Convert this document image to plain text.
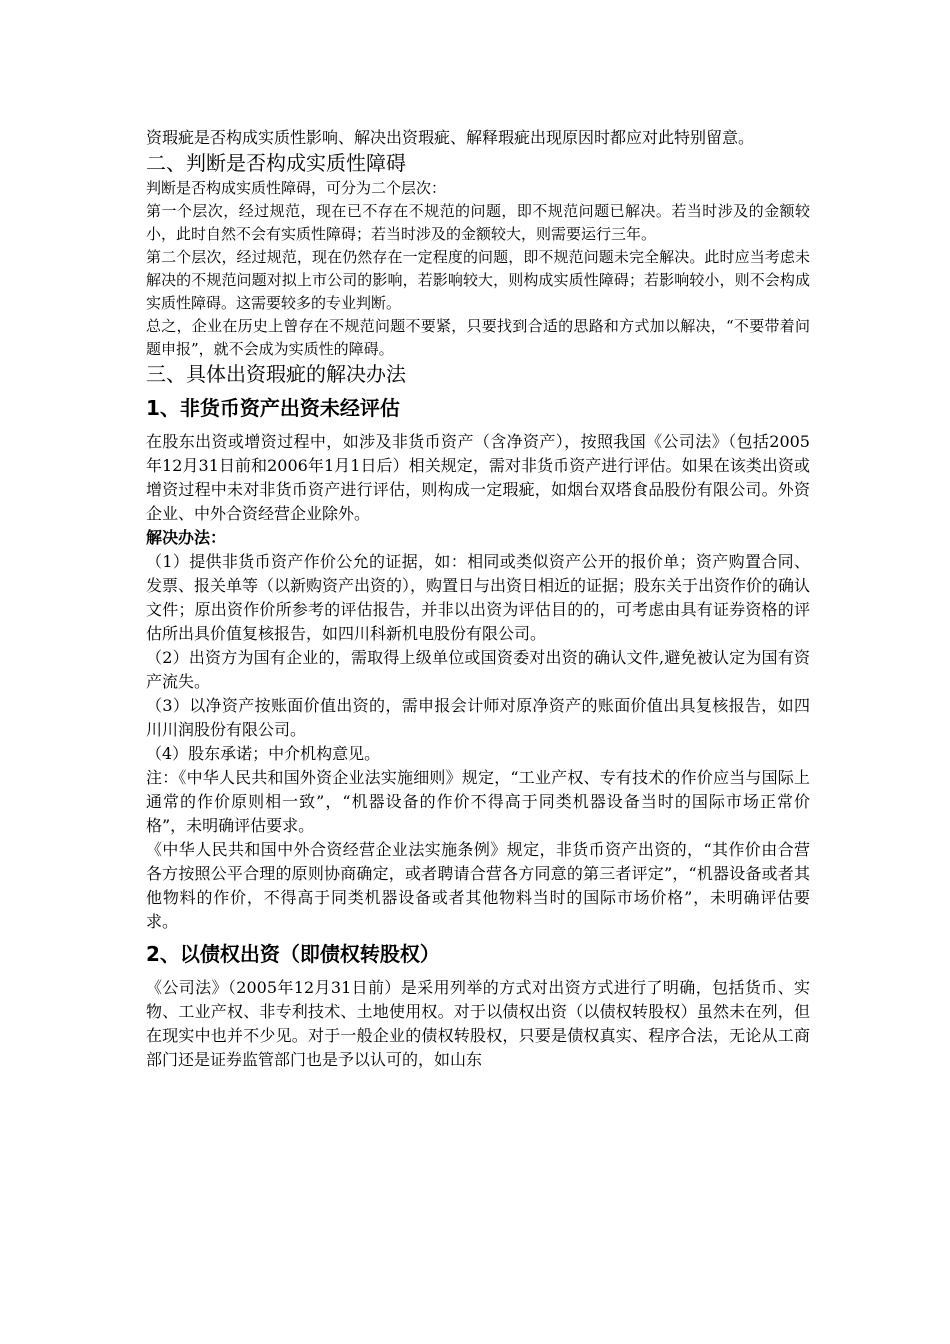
资瑕疵是否构成实质性影响、解决出资瑕疵、解释瑕疵出现原因时都应对此特别留意。

二、判断是否构成实质性障碍

判断是否构成实质性障碍，可分为二个层次：

第一个层次，经过规范，现在已不存在不规范的问题，即不规范问题已解决。若当时涉及的金额较小，此时自然不会有实质性障碍；若当时涉及的金额较大，则需要运行三年。

第二个层次，经过规范，现在仍然存在一定程度的问题，即不规范问题未完全解决。此时应当考虑未解决的不规范问题对拟上市公司的影响，若影响较大，则构成实质性障碍；若影响较小，则不会构成实质性障碍。这需要较多的专业判断。

总之，企业在历史上曾存在不规范问题不要紧，只要找到合适的思路和方式加以解决，“不要带着问题申报”，就不会成为实质性的障碍。

三、具体出资瑕疵的解决办法
1、非货币资产出资未经评估

在股东出资或增资过程中，如涉及非货币资产（含净资产），按照我国《公司法》（包括2005年12月31日前和2006年1月1日后）相关规定，需对非货币资产进行评估。如果在该类出资或增资过程中未对非货币资产进行评估，则构成一定瑕疵，如烟台双塔食品股份有限公司。外资企业、中外合资经营企业除外。

解决办法：

（1）提供非货币资产作价公允的证据，如：相同或类似资产公开的报价单；资产购置合同、发票、报关单等（以新购资产出资的），购置日与出资日相近的证据；股东关于出资作价的确认文件；原出资作价所参考的评估报告，并非以出资为评估目的的，可考虑由具有证券资格的评估所出具价值复核报告，如四川科新机电股份有限公司。

（2）出资方为国有企业的，需取得上级单位或国资委对出资的确认文件,避免被认定为国有资产流失。

（3）以净资产按账面价值出资的，需申报会计师对原净资产的账面价值出具复核报告，如四川川润股份有限公司。

（4）股东承诺；中介机构意见。

注：《中华人民共和国外资企业法实施细则》规定，“工业产权、专有技术的作价应当与国际上通常的作价原则相一致”，“机器设备的作价不得高于同类机器设备当时的国际市场正常价格”，未明确评估要求。

《中华人民共和国中外合资经营企业法实施条例》规定，非货币资产出资的，“其作价由合营各方按照公平合理的原则协商确定，或者聘请合营各方同意的第三者评定”，“机器设备或者其他物料的作价，不得高于同类机器设备或者其他物料当时的国际市场价格”，未明确评估要求。

2、以债权出资（即债权转股权）

《公司法》（2005年12月31日前）是采用列举的方式对出资方式进行了明确，包括货币、实物、工业产权、非专利技术、土地使用权。对于以债权出资（以债权转股权）虽然未在列，但在现实中也并不少见。对于一般企业的债权转股权，只要是债权真实、程序合法，无论从工商部门还是证券监管部门也是予以认可的，如山东
